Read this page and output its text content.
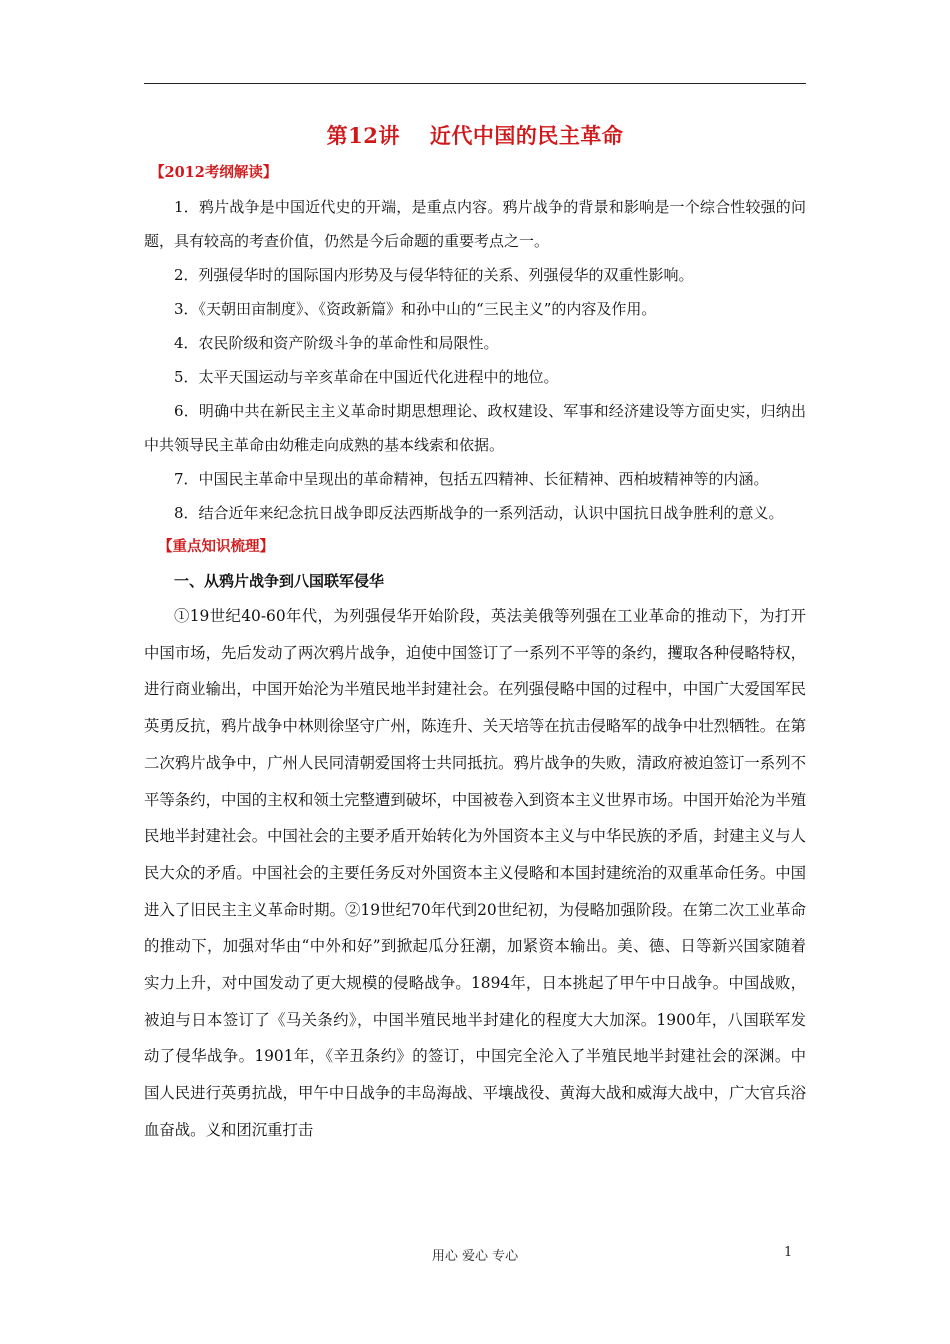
第12讲 近代中国的民主革命
【2012考纲解读】

1．鸦片战争是中国近代史的开端，是重点内容。鸦片战争的背景和影响是一个综合性较强的问题，具有较高的考查价值，仍然是今后命题的重要考点之一。

2．列强侵华时的国际国内形势及与侵华特征的关系、列强侵华的双重性影响。

3．《天朝田亩制度》、《资政新篇》和孙中山的“三民主义”的内容及作用。

4．农民阶级和资产阶级斗争的革命性和局限性。

5．太平天国运动与辛亥革命在中国近代化进程中的地位。

6．明确中共在新民主主义革命时期思想理论、政权建设、军事和经济建设等方面史实，归纳出中共领导民主革命由幼稚走向成熟的基本线索和依据。

7．中国民主革命中呈现出的革命精神，包括五四精神、长征精神、西柏坡精神等的内涵。

8．结合近年来纪念抗日战争即反法西斯战争的一系列活动，认识中国抗日战争胜利的意义。

【重点知识梳理】
一、从鸦片战争到八国联军侵华

①19世纪40-60年代，为列强侵华开始阶段，英法美俄等列强在工业革命的推动下，为打开中国市场，先后发动了两次鸦片战争，迫使中国签订了一系列不平等的条约，攫取各种侵略特权，进行商业输出，中国开始沦为半殖民地半封建社会。在列强侵略中国的过程中，中国广大爱国军民英勇反抗，鸦片战争中林则徐坚守广州，陈连升、关天培等在抗击侵略军的战争中壮烈牺牲。在第二次鸦片战争中，广州人民同清朝爱国将士共同抵抗。鸦片战争的失败，清政府被迫签订一系列不平等条约，中国的主权和领土完整遭到破坏，中国被卷入到资本主义世界市场。中国开始沦为半殖民地半封建社会。中国社会的主要矛盾开始转化为外国资本主义与中华民族的矛盾，封建主义与人民大众的矛盾。中国社会的主要任务反对外国资本主义侵略和本国封建统治的双重革命任务。中国进入了旧民主主义革命时期。②19世纪70年代到20世纪初，为侵略加强阶段。在第二次工业革命的推动下，加强对华由“中外和好”到掀起瓜分狂潮，加紧资本输出。美、德、日等新兴国家随着实力上升，对中国发动了更大规模的侵略战争。1894年，日本挑起了甲午中日战争。中国战败，被迫与日本签订了《马关条约》，中国半殖民地半封建化的程度大大加深。1900年，八国联军发动了侵华战争。1901年，《辛丑条约》的签订，中国完全沦入了半殖民地半封建社会的深渊。中国人民进行英勇抗战，甲午中日战争的丰岛海战、平壤战役、黄海大战和威海大战中，广大官兵浴血奋战。义和团沉重打击

用心 爱心 专心	1
